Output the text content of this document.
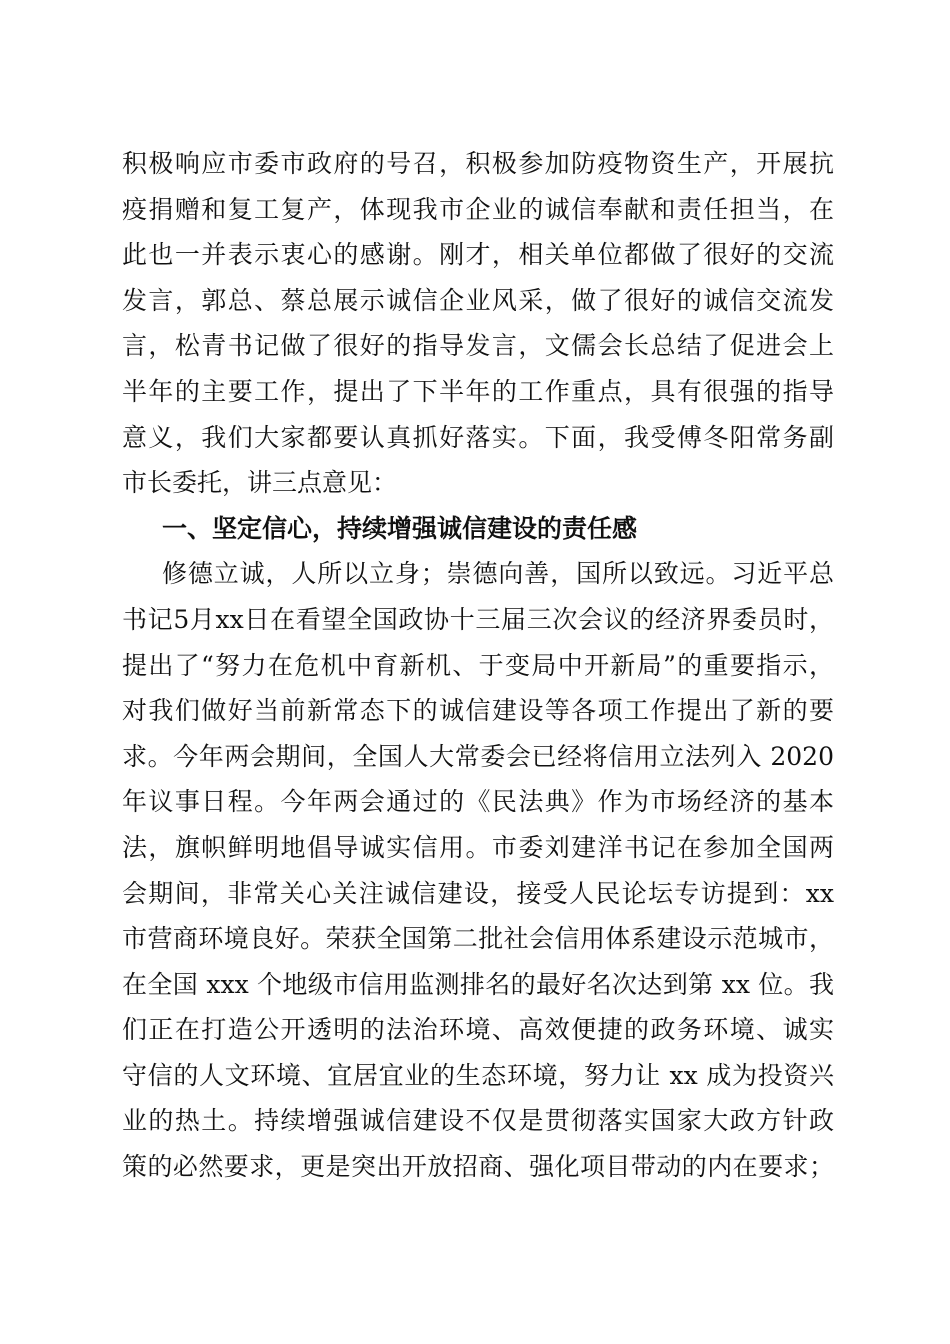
积极响应市委市政府的号召，积极参加防疫物资生产，开展抗
疫捐赠和复工复产，体现我市企业的诚信奉献和责任担当，在
此也一并表示衷心的感谢。刚才，相关单位都做了很好的交流
发言，郭总、蔡总展示诚信企业风采，做了很好的诚信交流发
言，松青书记做了很好的指导发言，文儒会长总结了促进会上
半年的主要工作，提出了下半年的工作重点，具有很强的指导
意义，我们大家都要认真抓好落实。下面，我受傅冬阳常务副
市长委托，讲三点意见：
一、坚定信心，持续增强诚信建设的责任感
修德立诚，人所以立身；崇德向善，国所以致远。习近平总
书记5月xx日在看望全国政协十三届三次会议的经济界委员时，
提出了“努力在危机中育新机、于变局中开新局”的重要指示，
对我们做好当前新常态下的诚信建设等各项工作提出了新的要
求。今年两会期间，全国人大常委会已经将信用立法列入 2020
年议事日程。今年两会通过的《民法典》作为市场经济的基本
法，旗帜鲜明地倡导诚实信用。市委刘建洋书记在参加全国两
会期间，非常关心关注诚信建设，接受人民论坛专访提到：xx
市营商环境良好。荣获全国第二批社会信用体系建设示范城市，
在全国 xxx 个地级市信用监测排名的最好名次达到第 xx 位。我
们正在打造公开透明的法治环境、高效便捷的政务环境、诚实
守信的人文环境、宜居宜业的生态环境，努力让 xx 成为投资兴
业的热土。持续增强诚信建设不仅是贯彻落实国家大政方针政
策的必然要求，更是突出开放招商、强化项目带动的内在要求；
